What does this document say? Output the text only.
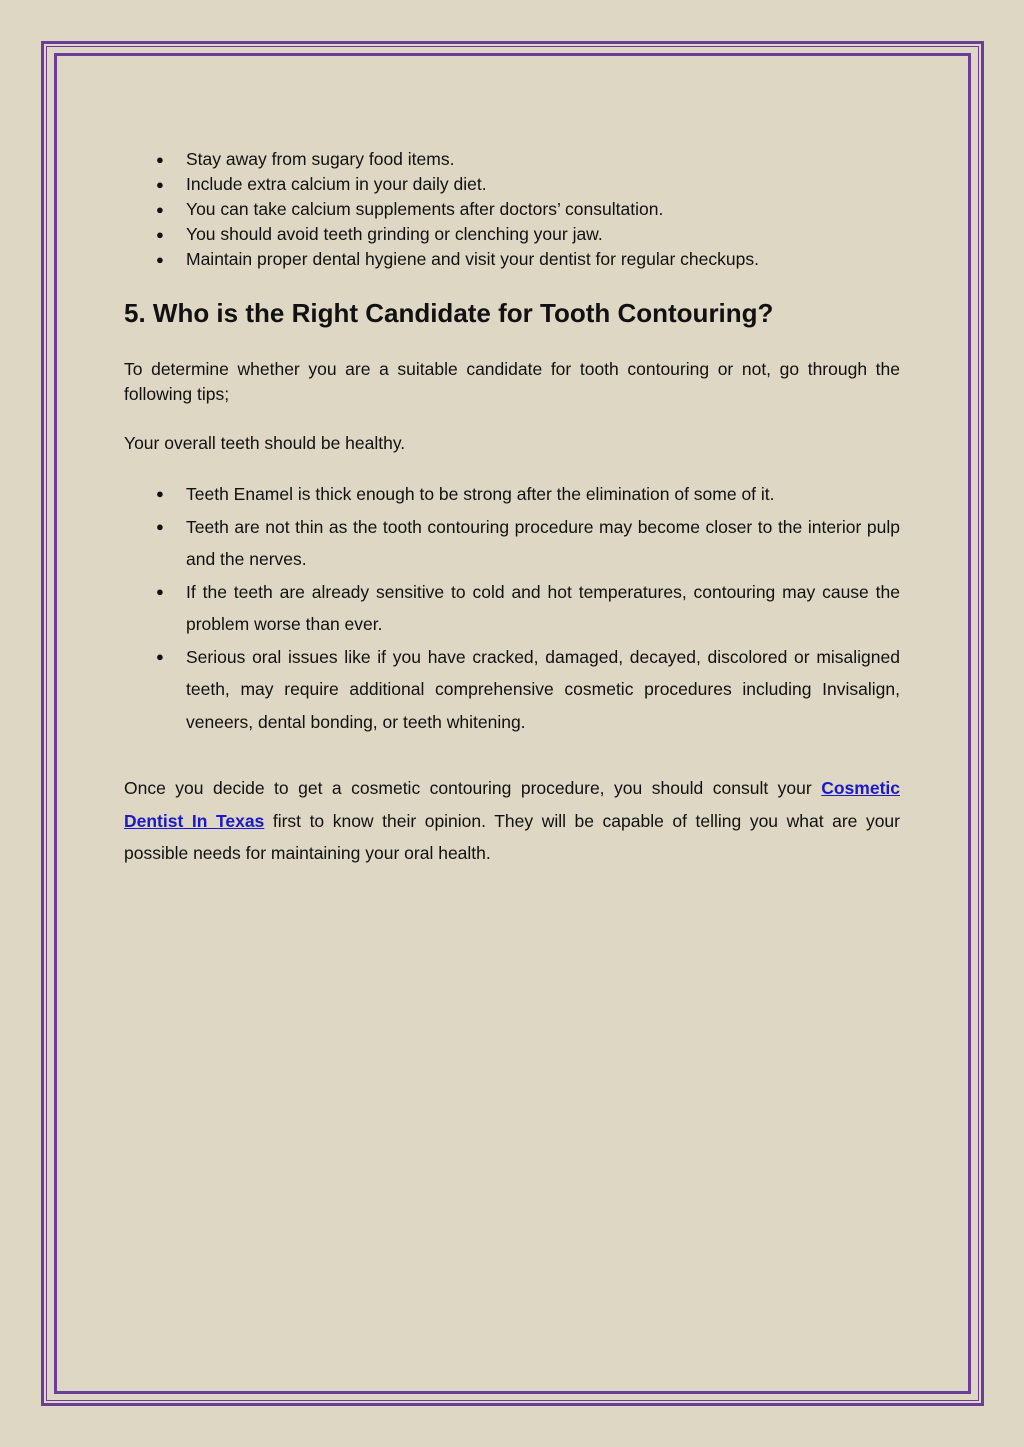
● Stay away from sugary food items.
● Include extra calcium in your daily diet.
● You can take calcium supplements after doctors’ consultation.
● You should avoid teeth grinding or clenching your jaw.
● Maintain proper dental hygiene and visit your dentist for regular checkups.
5. Who is the Right Candidate for Tooth Contouring?

To determine whether you are a suitable candidate for tooth contouring or not, go through the following tips;

Your overall teeth should be healthy.

● Teeth Enamel is thick enough to be strong after the elimination of some of it.
● Teeth are not thin as the tooth contouring procedure may become closer to the interior pulp and the nerves.
● If the teeth are already sensitive to cold and hot temperatures, contouring may cause the problem worse than ever.
● Serious oral issues like if you have cracked, damaged, decayed, discolored or misaligned teeth, may require additional comprehensive cosmetic procedures including Invisalign, veneers, dental bonding, or teeth whitening.

Once you decide to get a cosmetic contouring procedure, you should consult your Cosmetic Dentist In Texas first to know their opinion. They will be capable of telling you what are your possible needs for maintaining your oral health.
